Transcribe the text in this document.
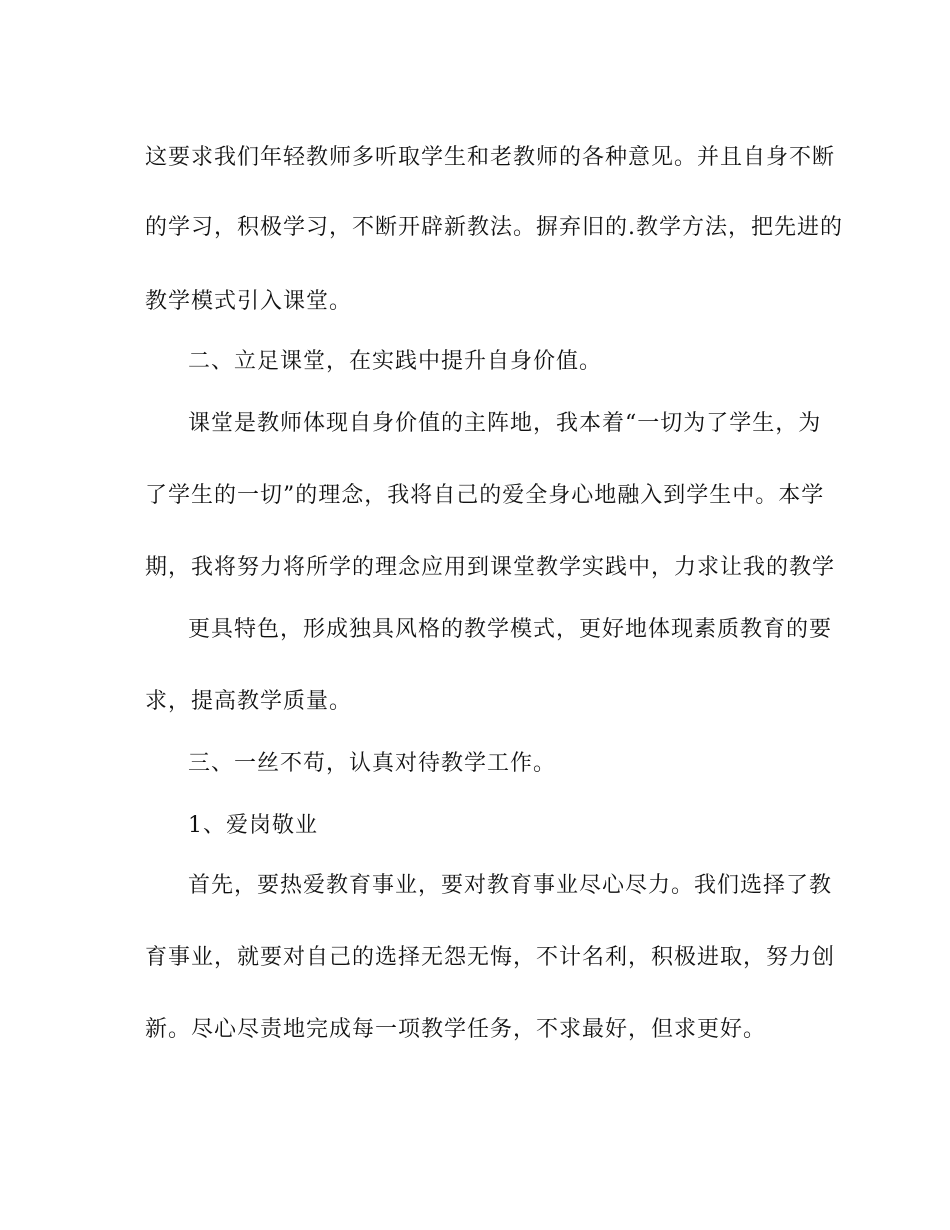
这要求我们年轻教师多听取学生和老教师的各种意见。并且自身不断
的学习，积极学习，不断开辟新教法。摒弃旧的.教学方法，把先进的
教学模式引入课堂。
二、立足课堂，在实践中提升自身价值。
课堂是教师体现自身价值的主阵地，我本着“一切为了学生，为
了学生的一切”的理念，我将自己的爱全身心地融入到学生中。本学
期，我将努力将所学的理念应用到课堂教学实践中，力求让我的教学
更具特色，形成独具风格的教学模式，更好地体现素质教育的要
求，提高教学质量。
三、一丝不苟，认真对待教学工作。
1、爱岗敬业
首先，要热爱教育事业，要对教育事业尽心尽力。我们选择了教
育事业，就要对自己的选择无怨无悔，不计名利，积极进取，努力创
新。尽心尽责地完成每一项教学任务，不求最好，但求更好。
